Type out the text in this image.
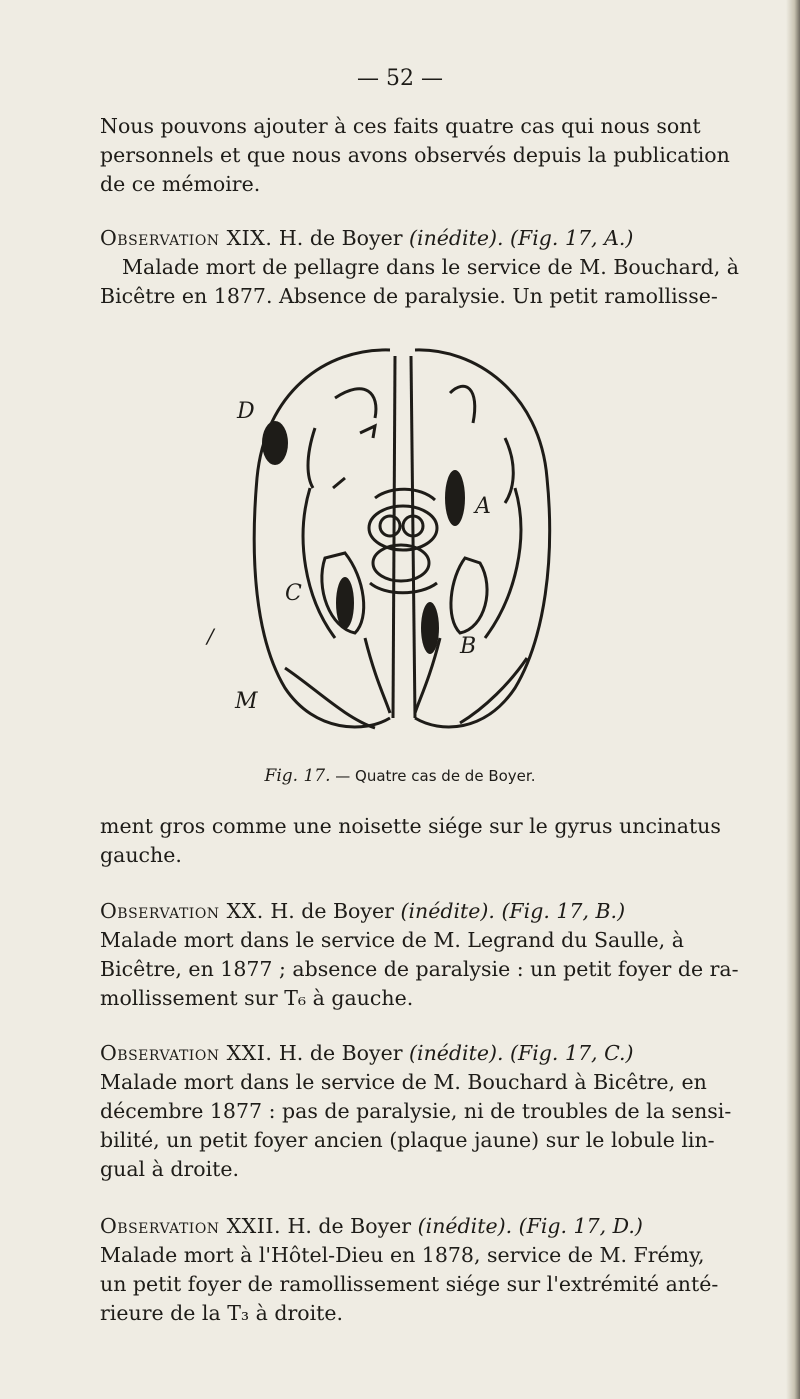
— 52 —

Nous pouvons ajouter à ces faits quatre cas qui nous sont

personnels et que nous avons observés depuis la publication

de ce mémoire.

Observation XIX. H. de Boyer (inédite). (Fig. 17, A.)

Malade mort de pellagre dans le service de M. Bouchard, à

Bicêtre en 1877. Absence de paralysie. Un petit ramollisse-

D
A
B
C
M
/
Fig. 17. — Quatre cas de de Boyer.

ment gros comme une noisette siége sur le gyrus uncinatus

gauche.

Observation XX. H. de Boyer (inédite). (Fig. 17, B.)

Malade mort dans le service de M. Legrand du Saulle, à

Bicêtre, en 1877 ; absence de paralysie : un petit foyer de ra-

mollissement sur T₆ à gauche.

Observation XXI. H. de Boyer (inédite). (Fig. 17, C.)

Malade mort dans le service de M. Bouchard à Bicêtre, en

décembre 1877 : pas de paralysie, ni de troubles de la sensi-

bilité, un petit foyer ancien (plaque jaune) sur le lobule lin-

gual à droite.

Observation XXII. H. de Boyer (inédite). (Fig. 17, D.)

Malade mort à l'Hôtel-Dieu en 1878, service de M. Frémy,

un petit foyer de ramollissement siége sur l'extrémité anté-

rieure de la T₃ à droite.
